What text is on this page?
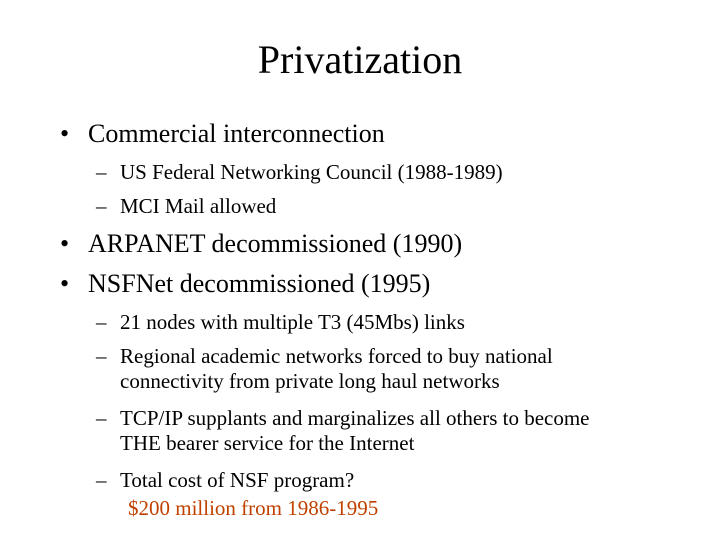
Privatization
• Commercial interconnection
– US Federal Networking Council (1988-1989)
– MCI Mail allowed
• ARPANET decommissioned (1990)
• NSFNet decommissioned (1995)
– 21 nodes with multiple T3 (45Mbs) links
– Regional academic networks forced to buy national
connectivity from private long haul networks
– TCP/IP supplants and marginalizes all others to become
THE bearer service for the Internet
– Total cost of NSF program?
$200 million from 1986-1995
